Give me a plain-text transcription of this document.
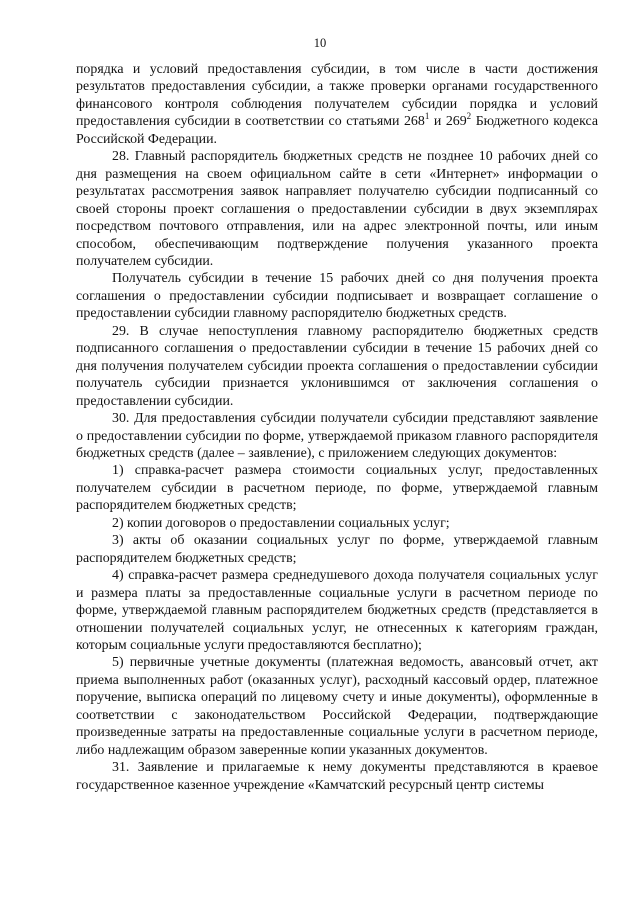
10

порядка и условий предоставления субсидии, в том числе в части достижения результатов предоставления субсидии, а также проверки органами государственного финансового контроля соблюдения получателем субсидии порядка и условий предоставления субсидии в соответствии со статьями $268^1$ и $269^2$ Бюджетного кодекса Российской Федерации.

28. Главный распорядитель бюджетных средств не позднее 10 рабочих дней со дня размещения на своем официальном сайте в сети «Интернет» информации о результатах рассмотрения заявок направляет получателю субсидии подписанный со своей стороны проект соглашения о предоставлении субсидии в двух экземплярах посредством почтового отправления, или на адрес электронной почты, или иным способом, обеспечивающим подтверждение получения указанного проекта получателем субсидии.

Получатель субсидии в течение 15 рабочих дней со дня получения проекта соглашения о предоставлении субсидии подписывает и возвращает соглашение о предоставлении субсидии главному распорядителю бюджетных средств.

29. В случае непоступления главному распорядителю бюджетных средств подписанного соглашения о предоставлении субсидии в течение 15 рабочих дней со дня получения получателем субсидии проекта соглашения о предоставлении субсидии получатель субсидии признается уклонившимся от заключения соглашения о предоставлении субсидии.

30. Для предоставления субсидии получатели субсидии представляют заявление о предоставлении субсидии по форме, утверждаемой приказом главного распорядителя бюджетных средств (далее – заявление), с приложением следующих документов:

1) справка-расчет размера стоимости социальных услуг, предоставленных получателем субсидии в расчетном периоде, по форме, утверждаемой главным распорядителем бюджетных средств;

2) копии договоров о предоставлении социальных услуг;

3) акты об оказании социальных услуг по форме, утверждаемой главным распорядителем бюджетных средств;

4) справка-расчет размера среднедушевого дохода получателя социальных услуг и размера платы за предоставленные социальные услуги в расчетном периоде по форме, утверждаемой главным распорядителем бюджетных средств (представляется в отношении получателей социальных услуг, не отнесенных к категориям граждан, которым социальные услуги предоставляются бесплатно);

5) первичные учетные документы (платежная ведомость, авансовый отчет, акт приема выполненных работ (оказанных услуг), расходный кассовый ордер, платежное поручение, выписка операций по лицевому счету и иные документы), оформленные в соответствии с законодательством Российской Федерации, подтверждающие произведенные затраты на предоставленные социальные услуги в расчетном периоде, либо надлежащим образом заверенные копии указанных документов.

31. Заявление и прилагаемые к нему документы представляются в краевое государственное казенное учреждение «Камчатский ресурсный центр системы
